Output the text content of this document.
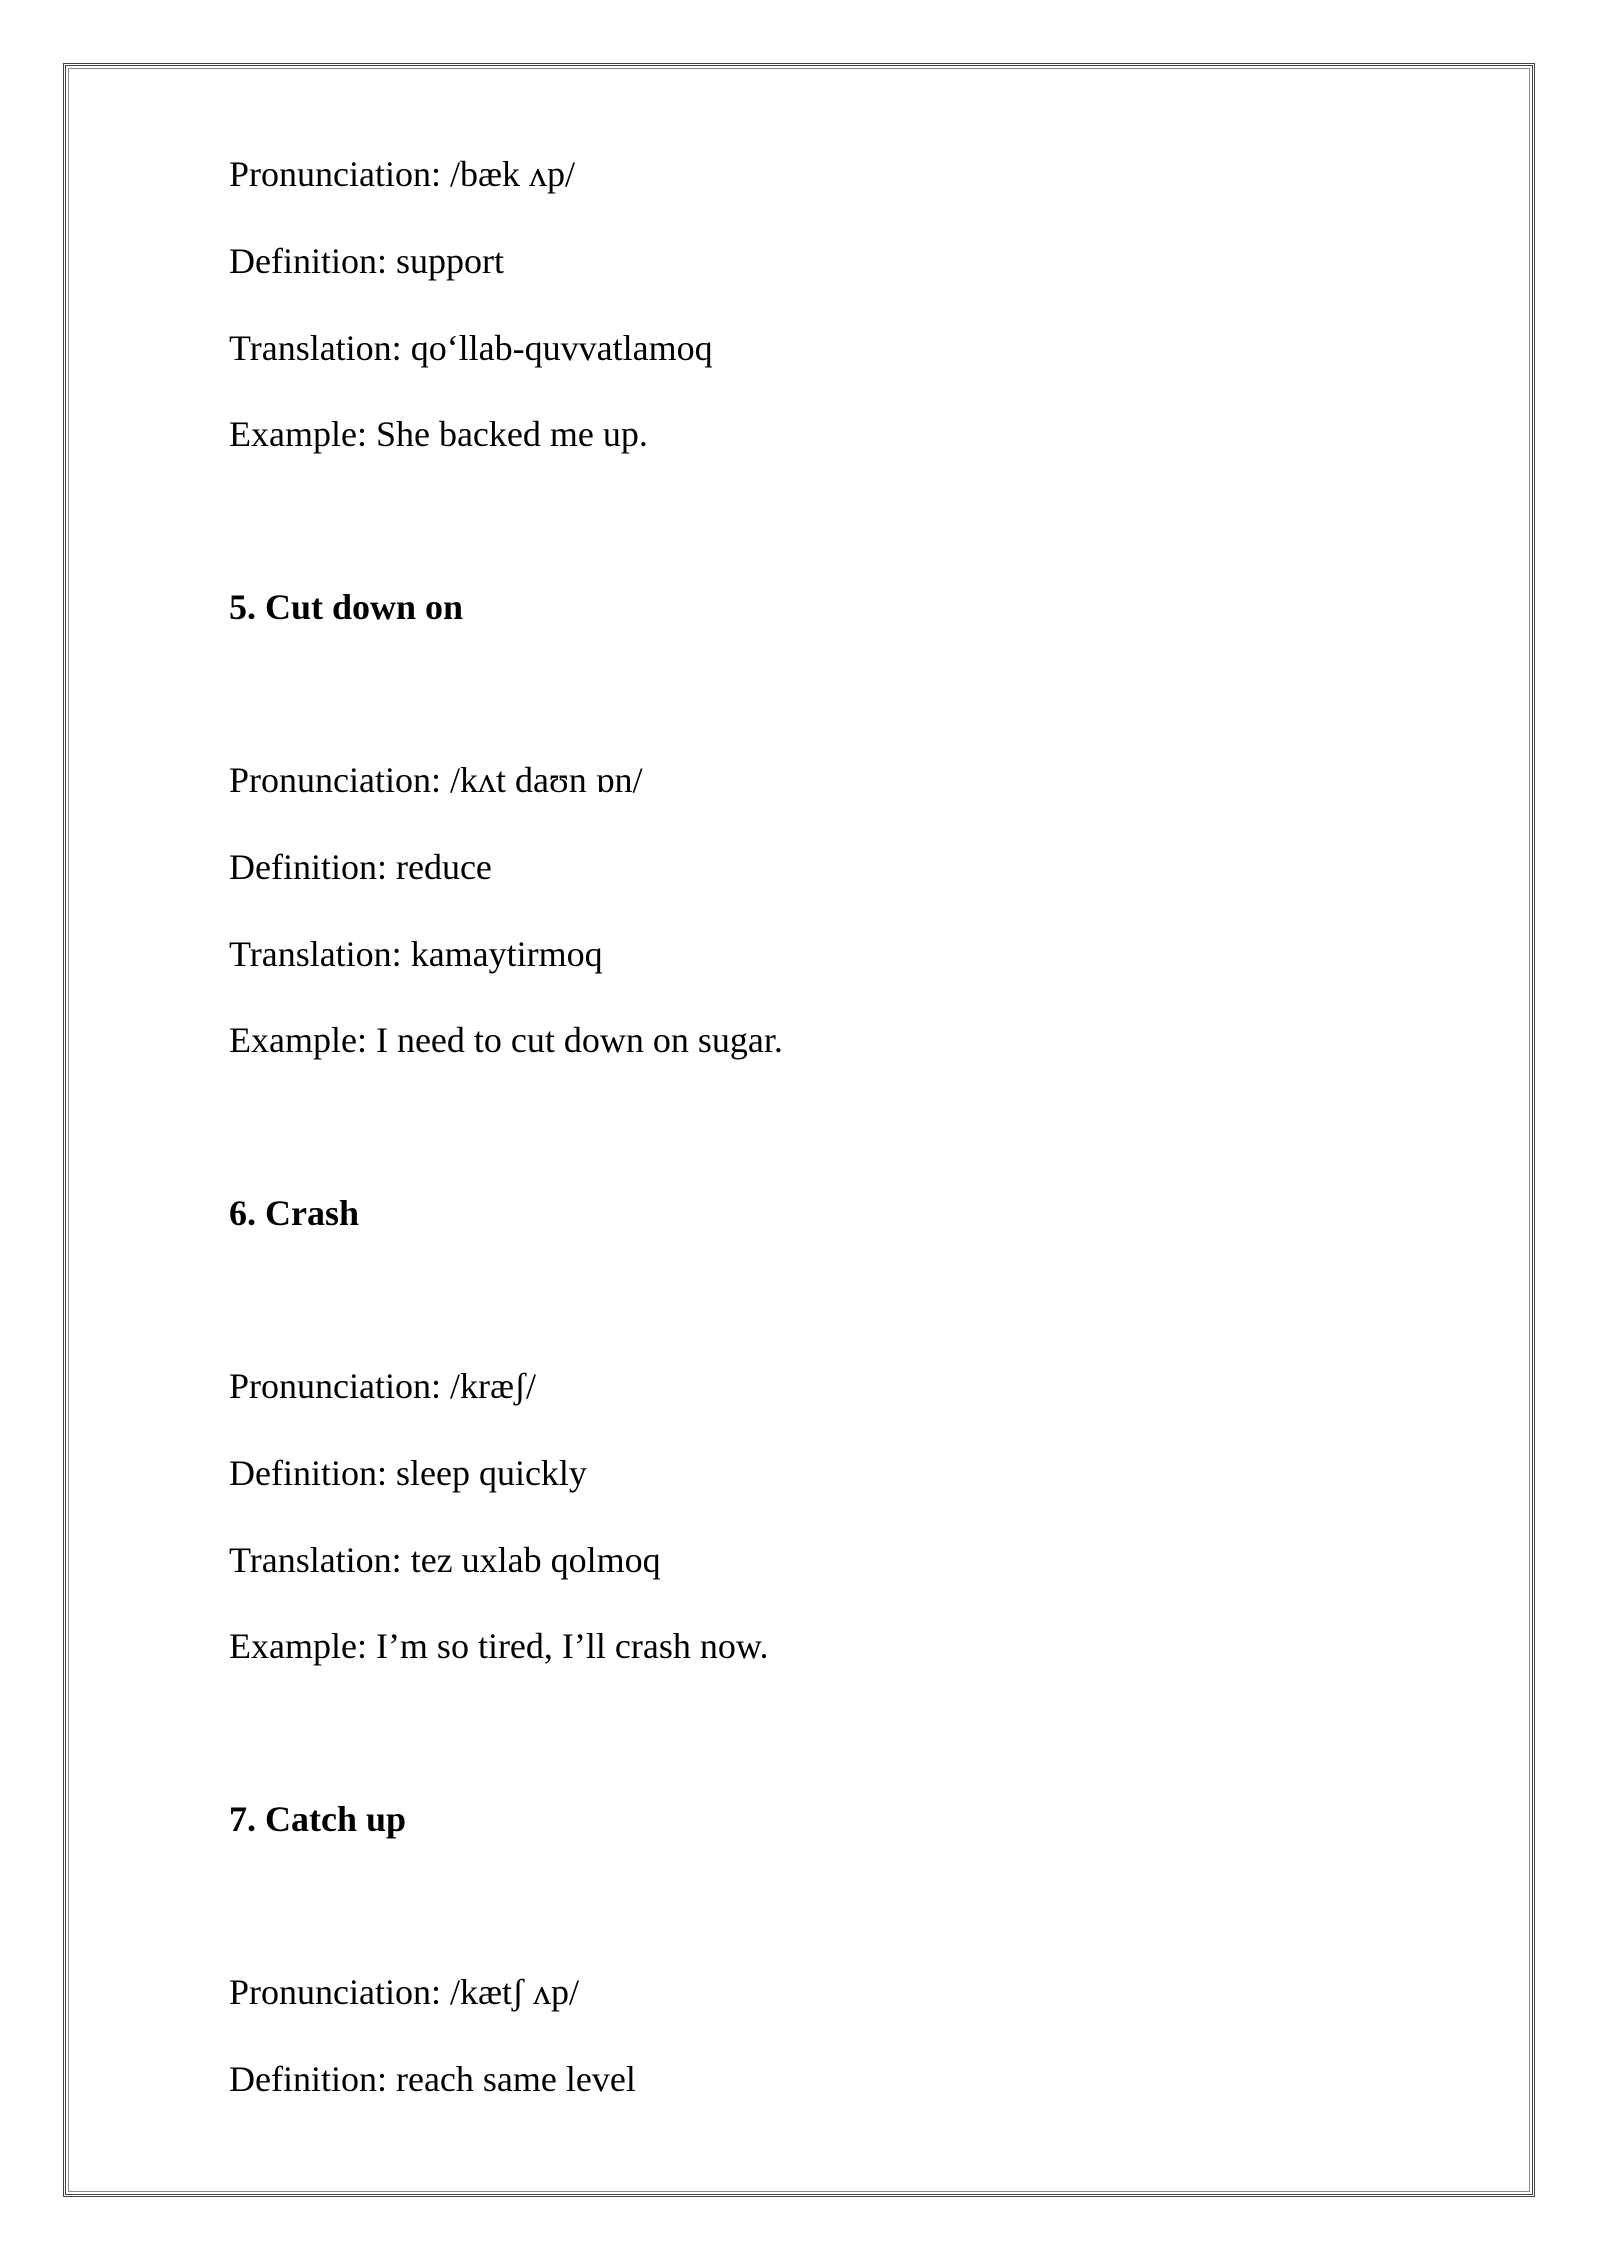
Pronunciation: /bæk ʌp/
Definition: support
Translation: qoʻllab-quvvatlamoq
Example: She backed me up.
5. Cut down on
Pronunciation: /kʌt daʊn ɒn/
Definition: reduce
Translation: kamaytirmoq
Example: I need to cut down on sugar.
6. Crash
Pronunciation: /kræʃ/
Definition: sleep quickly
Translation: tez uxlab qolmoq
Example: I’m so tired, I’ll crash now.
7. Catch up
Pronunciation: /kætʃ ʌp/
Definition: reach same level
